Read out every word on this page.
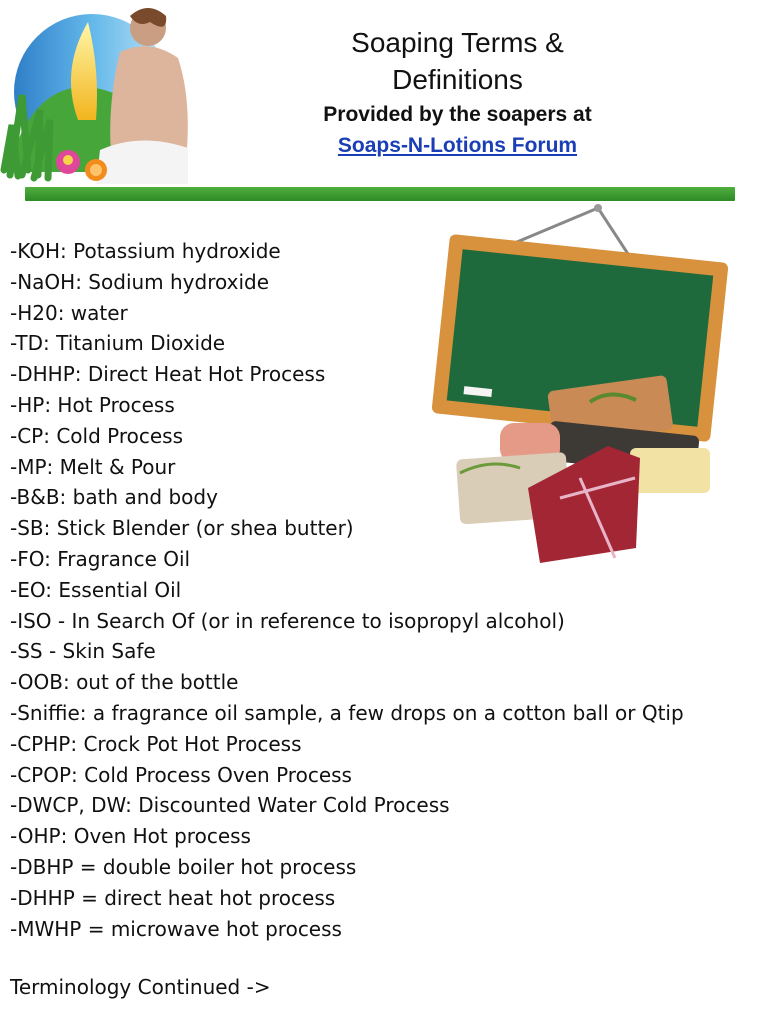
Soaping Terms &
Definitions
Provided by the soapers at
Soaps-N-Lotions Forum
-KOH: Potassium hydroxide
-NaOH: Sodium hydroxide
-H20: water
-TD: Titanium Dioxide
-DHHP: Direct Heat Hot Process
-HP: Hot Process
-CP: Cold Process
-MP: Melt & Pour
-B&B: bath and body
-SB: Stick Blender (or shea butter)
-FO: Fragrance Oil
-EO: Essential Oil
-ISO - In Search Of (or in reference to isopropyl alcohol)
-SS - Skin Safe
-OOB: out of the bottle
-Sniffie: a fragrance oil sample, a few drops on a cotton ball or Qtip
-CPHP: Crock Pot Hot Process
-CPOP: Cold Process Oven Process
-DWCP, DW: Discounted Water Cold Process
-OHP: Oven Hot process
-DBHP = double boiler hot process
-DHHP = direct heat hot process
-MWHP = microwave hot process
Terminology Continued ->
